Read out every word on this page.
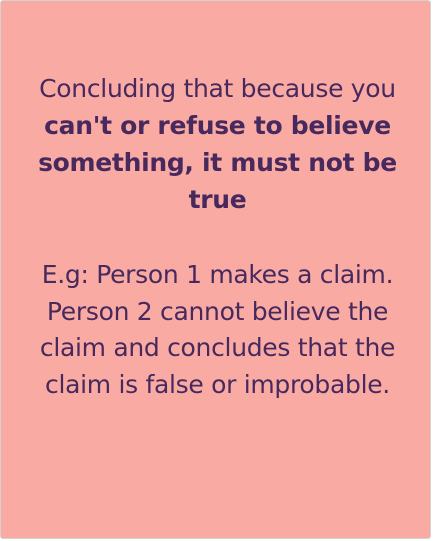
Concluding that because you can't or refuse to believe something, it must not be true
E.g: Person 1 makes a claim.
Person 2 cannot believe the claim and concludes that the claim is false or improbable.
